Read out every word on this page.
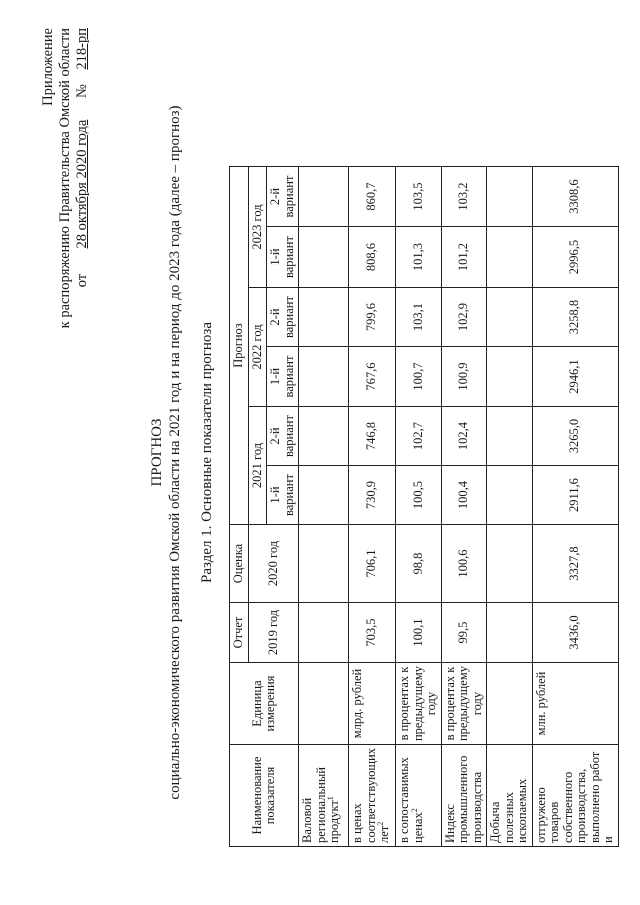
Приложение к распоряжению Правительства Омской области от       28 октября 2020 года      №    218-рп
ПРОГНОЗ социально-экономического развития Омской области на 2021 год и на период до 2023 года (далее – прогноз) Раздел 1. Основные показатели прогноза
Наименование показателя	Единица измерения	Отчет	Оценка	Прогноз					
		2019 год	2020 год	2021 год		2022 год		2023 год	
				1-й вариант	2-й вариант	1-й вариант	2-й вариант	1-й вариант	2-й вариант
Валовой региональный продукт$^1$									
в ценах соответствующих лет$^2$	млрд. рублей	703,5	706,1	730,9	746,8	767,6	799,6	808,6	860,7
в сопоставимых ценах$^2$	в процентах к предыдущему году	100,1	98,8	100,5	102,7	100,7	103,1	101,3	103,5
Индекс промышленного производства	в процентах к предыдущему году	99,5	100,6	100,4	102,4	100,9	102,9	101,2	103,2
Добыча полезных ископаемых									
отгружено товаров собственного производства, выполнено работ и	млн. рублей	3436,0	3327,8	2911,6	3265,0	2946,1	3258,8	2996,5	3308,6
